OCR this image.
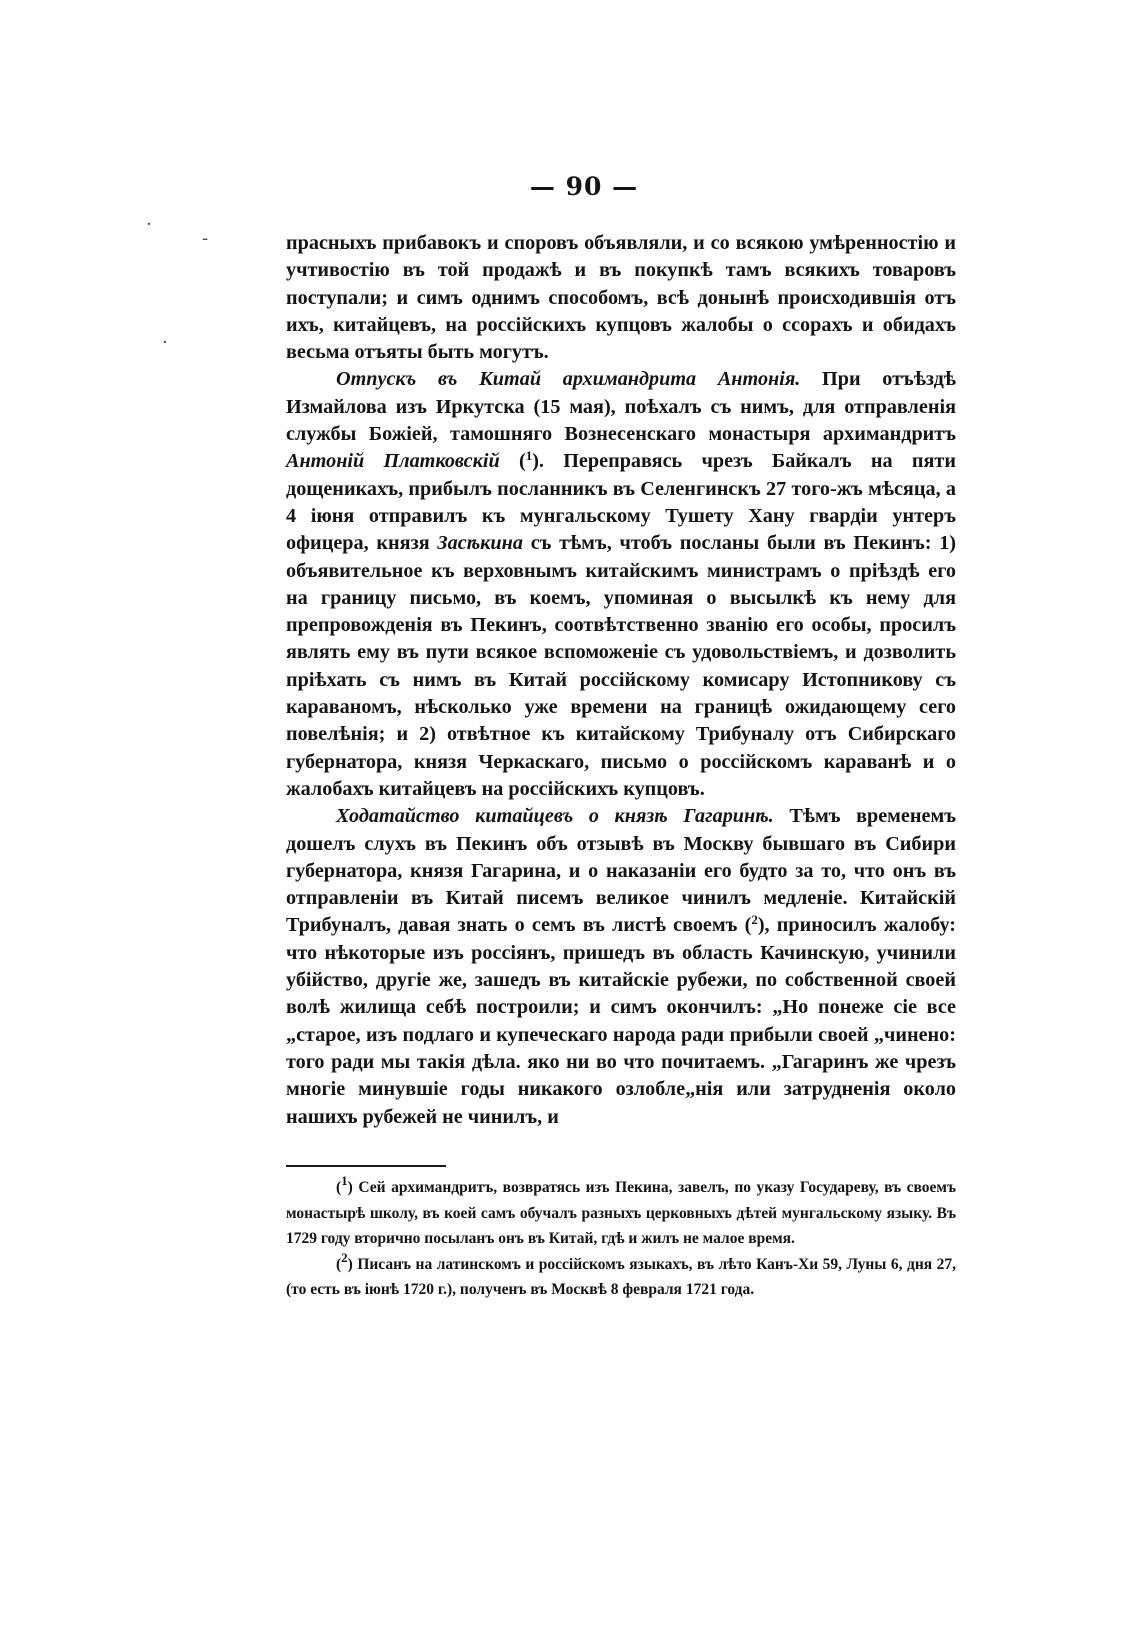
·
-
·
— 90 —

прасныхъ прибавокъ и споровъ объявляли, и со всякою умѣренностію и учтивостію въ той продажѣ и въ покупкѣ тамъ всякихъ товаровъ поступали; и симъ однимъ способомъ, всѣ донынѣ происходившія отъ ихъ, китайцевъ, на россійскихъ купцовъ жалобы о ссорахъ и обидахъ весьма отъяты быть могутъ.

Отпускъ въ Китай архимандрита Антонія. При отъѣздѣ Измайлова изъ Иркутска (15 мая), поѣхалъ съ нимъ, для отправленія службы Божіей, тамошняго Вознесенскаго монастыря архимандритъ Антоній Платковскій ($^1$). Переправясь чрезъ Байкалъ на пяти дощеникахъ, прибылъ посланникъ въ Селенгинскъ 27 того-жъ мѣсяца, а 4 іюня отправилъ къ мунгальскому Тушету Хану гвардіи унтеръ офицера, князя Засѣкина съ тѣмъ, чтобъ посланы были въ Пекинъ: 1) объявительное къ верховнымъ китайскимъ министрамъ о пріѣздѣ его на границу письмо, въ коемъ, упоминая о высылкѣ къ нему для препровожденія въ Пекинъ, соотвѣтственно званію его особы, просилъ являть ему въ пути всякое вспоможеніе съ удовольствіемъ, и дозволить пріѣхать съ нимъ въ Китай россійскому комисару Истопникову съ караваномъ, нѣсколько уже времени на границѣ ожидающему сего повелѣнія; и 2) отвѣтное къ китайскому Трибуналу отъ Сибирскаго губернатора, князя Черкаскаго, письмо о россійскомъ караванѣ и о жалобахъ китайцевъ на россійскихъ купцовъ.

Ходатайство китайцевъ о князѣ Гагаринѣ. Тѣмъ временемъ дошелъ слухъ въ Пекинъ объ отзывѣ въ Москву бывшаго въ Сибири губернатора, князя Гагарина, и о наказаніи его будто за то, что онъ въ отправленіи въ Китай писемъ великое чинилъ медленіе. Китайскій Трибуналъ, давая знать о семъ въ листѣ своемъ ($^2$), приносилъ жалобу: что нѣкоторые изъ россіянъ, пришедъ въ область Качинскую, учинили убійство, другіе же, зашедъ въ китайскіе рубежи, по собственной своей волѣ жилища себѣ построили; и симъ окончилъ: „Но понеже сіе все „старое, изъ подлаго и купеческаго народа ради прибыли своей „чинено: того ради мы такія дѣла. яко ни во что почитаемъ. „Гагаринъ же чрезъ многіе минувшіе годы никакого озлобле„нія или затрудненія около нашихъ рубежей не чинилъ, и

($^1$) Сей архимандритъ, возвратясь изъ Пекина, завелъ, по указу Государеву, въ своемъ монастырѣ школу, въ коей самъ обучалъ разныхъ церковныхъ дѣтей мунгальскому языку. Въ 1729 году вторично посыланъ онъ въ Китай, гдѣ и жилъ не малое время.

($^2$) Писанъ на латинскомъ и россійскомъ языкахъ, въ лѣто Канъ-Хи 59, Луны 6, дня 27, (то есть въ іюнѣ 1720 г.), полученъ въ Москвѣ 8 февраля 1721 года.
